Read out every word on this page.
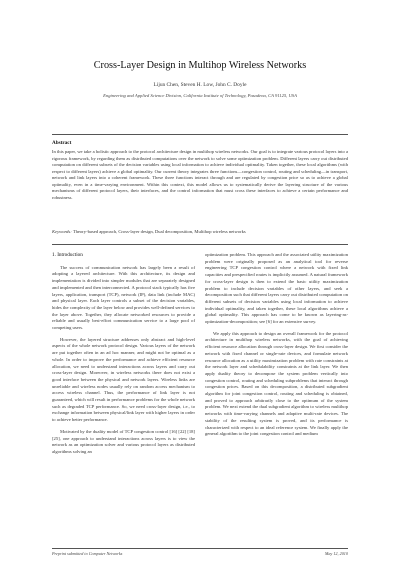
Cross-Layer Design in Multihop Wireless Networks
Lijun Chen, Steven H. Low, John C. Doyle
Engineering and Applied Science Division, California Institute of Technology, Pasadena, CA 91125, USA
Abstract
In this paper, we take a holistic approach to the protocol architecture design in multihop wireless networks. Our goal is to integrate various protocol layers into a rigorous framework, by regarding them as distributed computations over the network to solve some optimization problem. Different layers carry out distributed computation on different subsets of the decision variables using local information to achieve individual optimality. Taken together, these local algorithms (with respect to different layers) achieve a global optimality. Our current theory integrates three functions—congestion control, routing and scheduling—in transport, network and link layers into a coherent framework. These three functions interact through and are regulated by congestion price so as to achieve a global optimality, even in a time-varying environment. Within this context, this model allows us to systematically derive the layering structure of the various mechanisms of different protocol layers, their interfaces, and the control information that must cross these interfaces to achieve a certain performance and robustness.
Keywords: Theory-based approach, Cross-layer design, Dual decomposition, Multihop wireless networks
1. Introduction

The success of communication network has largely been a result of adopting a layered architecture. With this architecture, its design and implementation is divided into simpler modules that are separately designed and implemented and then interconnected. A protocol stack typically has five layers, application, transport (TCP), network (IP), data link (include MAC) and physical layer. Each layer controls a subset of the decision variables, hides the complexity of the layer below and provides well-defined services to the layer above. Together, they allocate networked resources to provide a reliable and usually best-effort communication service to a large pool of competing users.

However, the layered structure addresses only abstract and high-level aspects of the whole network protocol design. Various layers of the network are put together often in an ad hoc manner, and might not be optimal as a whole. In order to improve the performance and achieve efficient resource allocation, we need to understand interactions across layers and carry out cross-layer design. Moreover, in wireless networks there does not exist a good interface between the physical and network layers. Wireless links are unreliable and wireless nodes usually rely on random access mechanism to access wireless channel. Thus, the performance of link layer is not guaranteed, which will result in performance problems for the whole network such as degraded TCP performance. So, we need cross-layer design, i.e., to exchange information between physical/link layer with higher layers in order to achieve better performance.

Motivated by the duality model of TCP congestion control [16] [22] [18] [25], one approach to understand interactions across layers is to view the network as an optimization solver and various protocol layers as distributed algorithms solving an

optimization problem. This approach and the associated utility maximization problem were originally proposed as an analytical tool for reverse engineering TCP congestion control where a network with fixed link capacities and prespecified routes is implicitly assumed. A natural framework for cross-layer design is then to extend the basic utility maximization problem to include decision variables of other layers, and seek a decomposition such that different layers carry out distributed computation on different subsets of decision variables using local information to achieve individual optimality, and taken together, these local algorithms achieve a global optimality. This approach has come to be known as layering-as-optimization-decomposition; see [6] for an extensive survey.

We apply this approach to design an overall framework for the protocol architecture in multihop wireless networks, with the goal of achieving efficient resource allocation through cross-layer design. We first consider the network with fixed channel or single-rate devices, and formulate network resource allocation as a utility maximization problem with rate constraints at the network layer and schedulability constraints at the link layer. We then apply duality theory to decompose the system problem vertically into congestion control, routing and scheduling subproblems that interact through congestion prices. Based on this decomposition, a distributed subgradient algorithm for joint congestion control, routing and scheduling is obtained, and proved to approach arbitrarily close to the optimum of the system problem. We next extend the dual subgradient algorithm to wireless multihop networks with time-varying channels and adaptive multi-rate devices. The stability of the resulting system is proved, and its performance is characterized with respect to an ideal reference system. We finally apply the general algorithm to the joint congestion control and medium

Preprint submitted to Computer Networks	May 12, 2010
